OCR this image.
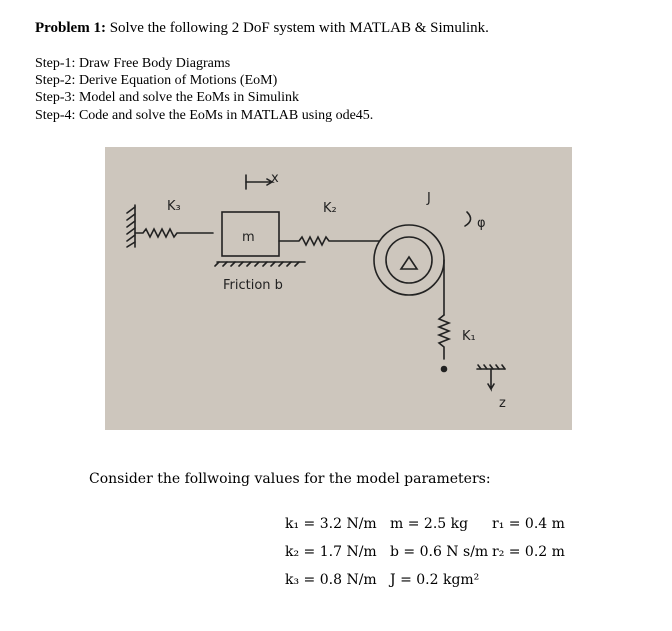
Problem 1: Solve the following 2 DoF system with MATLAB & Simulink.
Step-1: Draw Free Body Diagrams
Step-2: Derive Equation of Motions (EoM)
Step-3: Model and solve the EoMs in Simulink
Step-4: Code and solve the EoMs in MATLAB using ode45.
K₃
m
x
K₂
J
φ
K₁
z
Friction b
Consider the follwoing values for the model parameters:
k₁ = 3.2 N/m m = 2.5 kg r₁ = 0.4 m
k₂ = 1.7 N/m b = 0.6 N s/m r₂ = 0.2 m
k₃ = 0.8 N/m J = 0.2 kgm²
